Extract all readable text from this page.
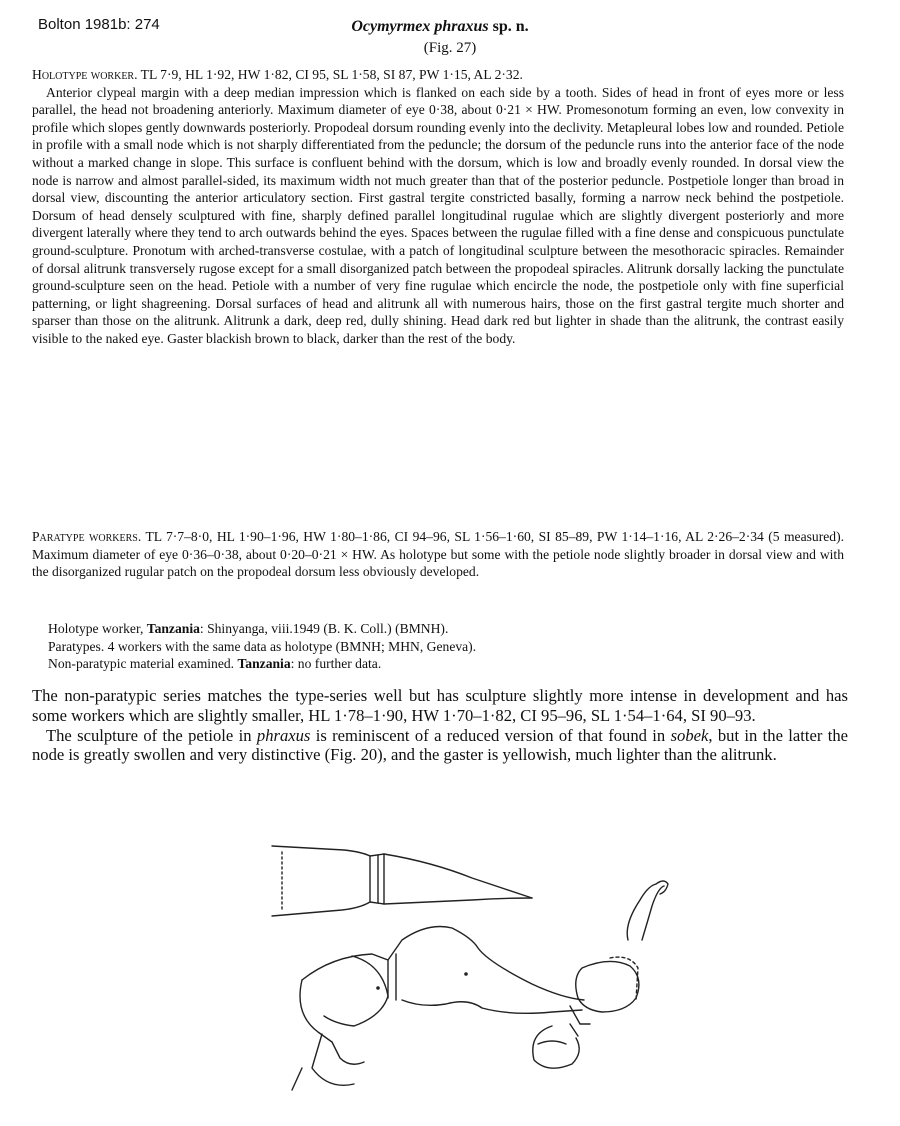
Bolton 1981b: 274	Ocymyrmex phraxus sp. n.
(Fig. 27)

Holotype worker. TL 7·9, HL 1·92, HW 1·82, CI 95, SL 1·58, SI 87, PW 1·15, AL 2·32.

Anterior clypeal margin with a deep median impression which is flanked on each side by a tooth. Sides of head in front of eyes more or less parallel, the head not broadening anteriorly. Maximum diameter of eye 0·38, about 0·21 × HW. Promesonotum forming an even, low convexity in profile which slopes gently downwards posteriorly. Propodeal dorsum rounding evenly into the declivity. Metapleural lobes low and rounded. Petiole in profile with a small node which is not sharply differentiated from the peduncle; the dorsum of the peduncle runs into the anterior face of the node without a marked change in slope. This surface is confluent behind with the dorsum, which is low and broadly evenly rounded. In dorsal view the node is narrow and almost parallel-sided, its maximum width not much greater than that of the posterior peduncle. Postpetiole longer than broad in dorsal view, discounting the anterior articulatory section. First gastral tergite constricted basally, forming a narrow neck behind the postpetiole. Dorsum of head densely sculptured with fine, sharply defined parallel longitudinal rugulae which are slightly divergent posteriorly and more divergent laterally where they tend to arch outwards behind the eyes. Spaces between the rugulae filled with a fine dense and conspicuous punctulate ground-sculpture. Pronotum with arched-transverse costulae, with a patch of longitudinal sculpture between the mesothoracic spiracles. Remainder of dorsal alitrunk transversely rugose except for a small disorganized patch between the propodeal spiracles. Alitrunk dorsally lacking the punctulate ground-sculpture seen on the head. Petiole with a number of very fine rugulae which encircle the node, the postpetiole only with fine superficial patterning, or light shagreening. Dorsal surfaces of head and alitrunk all with numerous hairs, those on the first gastral tergite much shorter and sparser than those on the alitrunk. Alitrunk a dark, deep red, dully shining. Head dark red but lighter in shade than the alitrunk, the contrast easily visible to the naked eye. Gaster blackish brown to black, darker than the rest of the body.

Paratype workers. TL 7·7–8·0, HL 1·90–1·96, HW 1·80–1·86, CI 94–96, SL 1·56–1·60, SI 85–89, PW 1·14–1·16, AL 2·26–2·34 (5 measured). Maximum diameter of eye 0·36–0·38, about 0·20–0·21 × HW. As holotype but some with the petiole node slightly broader in dorsal view and with the disorganized rugular patch on the propodeal dorsum less obviously developed.

Holotype worker, Tanzania: Shinyanga, viii.1949 (B. K. Coll.) (BMNH).
Paratypes. 4 workers with the same data as holotype (BMNH; MHN, Geneva).
Non-paratypic material examined. Tanzania: no further data.

The non-paratypic series matches the type-series well but has sculpture slightly more intense in development and has some workers which are slightly smaller, HL 1·78–1·90, HW 1·70–1·82, CI 95–96, SL 1·54–1·64, SI 90–93.

The sculpture of the petiole in phraxus is reminiscent of a reduced version of that found in sobek, but in the latter the node is greatly swollen and very distinctive (Fig. 20), and the gaster is yellowish, much lighter than the alitrunk.
